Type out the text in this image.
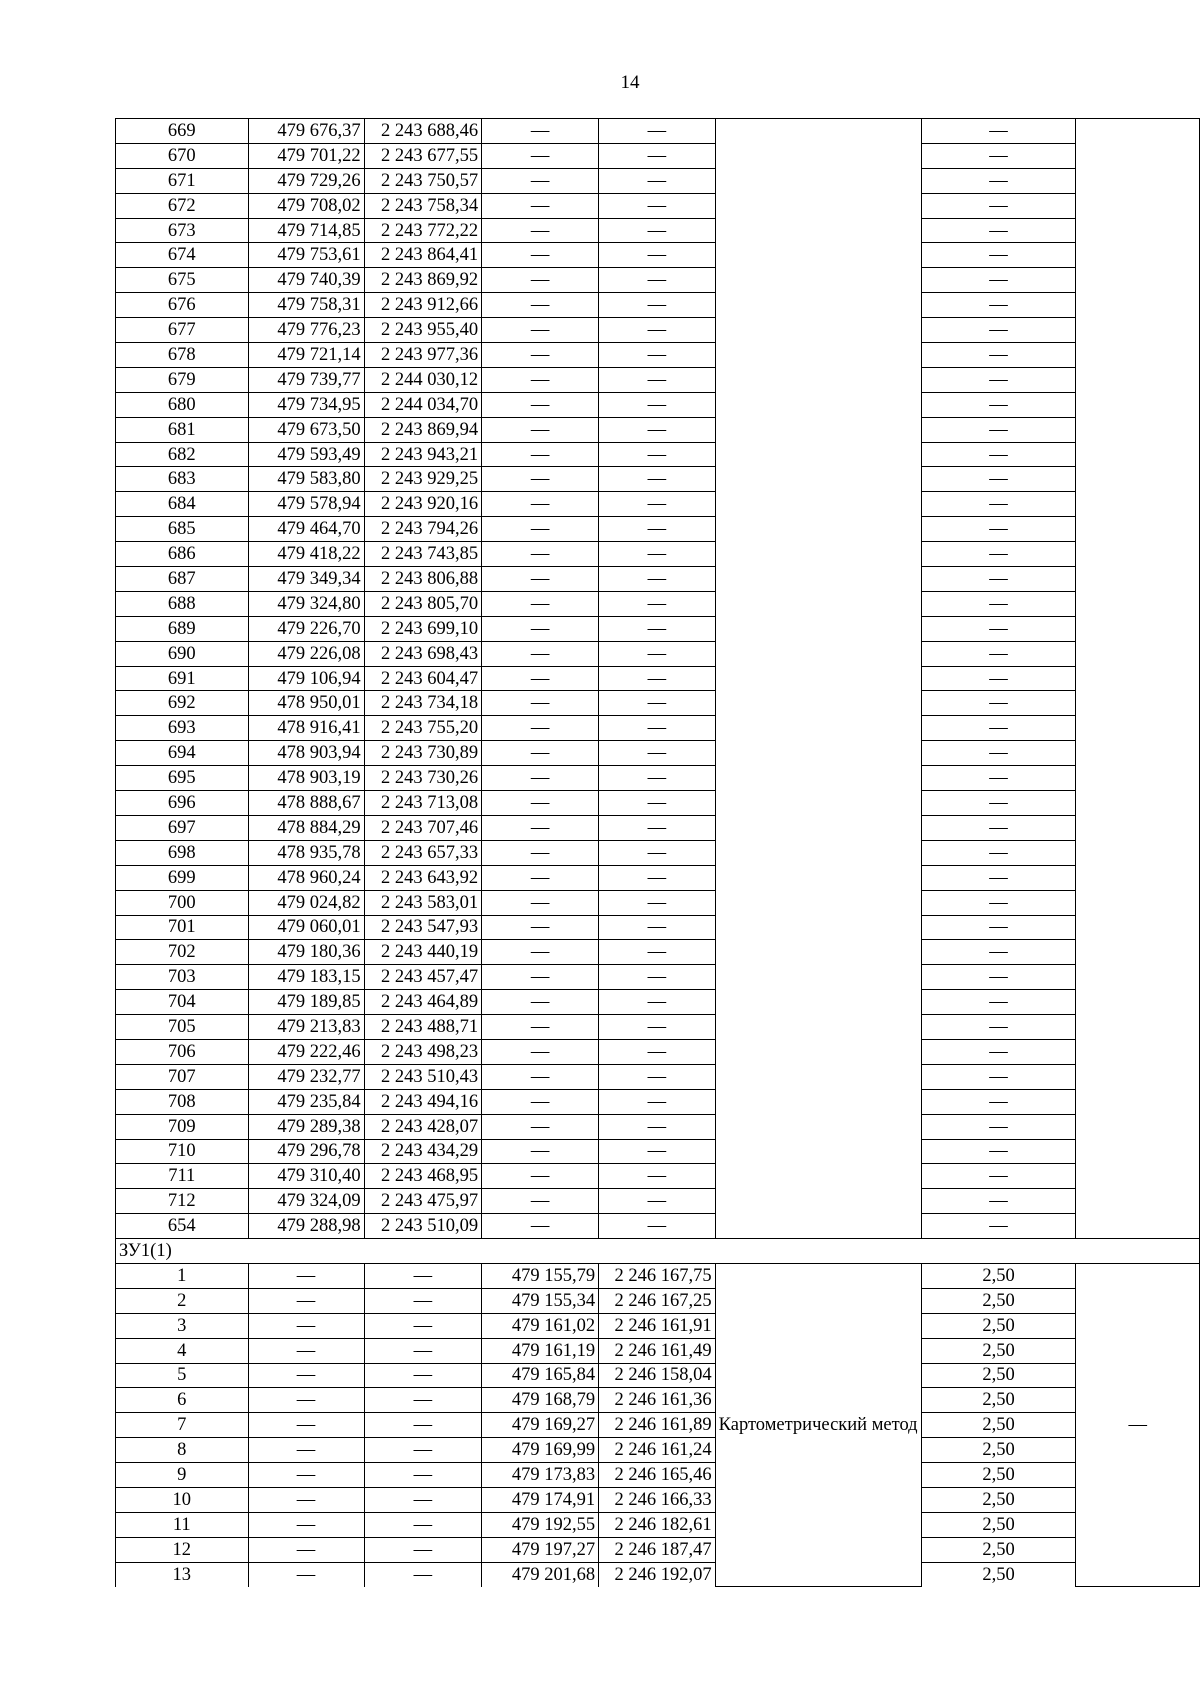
14
669	479 676,37	2 243 688,46	—	—		—	
670	479 701,22	2 243 677,55	—	—		—	
671	479 729,26	2 243 750,57	—	—		—	
672	479 708,02	2 243 758,34	—	—		—	
673	479 714,85	2 243 772,22	—	—		—	
674	479 753,61	2 243 864,41	—	—		—	
675	479 740,39	2 243 869,92	—	—		—	
676	479 758,31	2 243 912,66	—	—		—	
677	479 776,23	2 243 955,40	—	—		—	
678	479 721,14	2 243 977,36	—	—		—	
679	479 739,77	2 244 030,12	—	—		—	
680	479 734,95	2 244 034,70	—	—		—	
681	479 673,50	2 243 869,94	—	—		—	
682	479 593,49	2 243 943,21	—	—		—	
683	479 583,80	2 243 929,25	—	—		—	
684	479 578,94	2 243 920,16	—	—		—	
685	479 464,70	2 243 794,26	—	—		—	
686	479 418,22	2 243 743,85	—	—		—	
687	479 349,34	2 243 806,88	—	—		—	
688	479 324,80	2 243 805,70	—	—		—	
689	479 226,70	2 243 699,10	—	—		—	
690	479 226,08	2 243 698,43	—	—		—	
691	479 106,94	2 243 604,47	—	—		—	
692	478 950,01	2 243 734,18	—	—		—	
693	478 916,41	2 243 755,20	—	—		—	
694	478 903,94	2 243 730,89	—	—		—	
695	478 903,19	2 243 730,26	—	—		—	
696	478 888,67	2 243 713,08	—	—		—	
697	478 884,29	2 243 707,46	—	—		—	
698	478 935,78	2 243 657,33	—	—		—	
699	478 960,24	2 243 643,92	—	—		—	
700	479 024,82	2 243 583,01	—	—		—	
701	479 060,01	2 243 547,93	—	—		—	
702	479 180,36	2 243 440,19	—	—		—	
703	479 183,15	2 243 457,47	—	—		—	
704	479 189,85	2 243 464,89	—	—		—	
705	479 213,83	2 243 488,71	—	—		—	
706	479 222,46	2 243 498,23	—	—		—	
707	479 232,77	2 243 510,43	—	—		—	
708	479 235,84	2 243 494,16	—	—		—	
709	479 289,38	2 243 428,07	—	—		—	
710	479 296,78	2 243 434,29	—	—		—	
711	479 310,40	2 243 468,95	—	—		—	
712	479 324,09	2 243 475,97	—	—		—	
654	479 288,98	2 243 510,09	—	—		—	
ЗУ1(1)							
1	—	—	479 155,79	2 246 167,75	Картометрический метод	2,50	—
2	—	—	479 155,34	2 246 167,25		2,50	
3	—	—	479 161,02	2 246 161,91		2,50	
4	—	—	479 161,19	2 246 161,49		2,50	
5	—	—	479 165,84	2 246 158,04		2,50	
6	—	—	479 168,79	2 246 161,36		2,50	
7	—	—	479 169,27	2 246 161,89		2,50	
8	—	—	479 169,99	2 246 161,24		2,50	
9	—	—	479 173,83	2 246 165,46		2,50	
10	—	—	479 174,91	2 246 166,33		2,50	
11	—	—	479 192,55	2 246 182,61		2,50	
12	—	—	479 197,27	2 246 187,47		2,50	
13	—	—	479 201,68	2 246 192,07		2,50	
